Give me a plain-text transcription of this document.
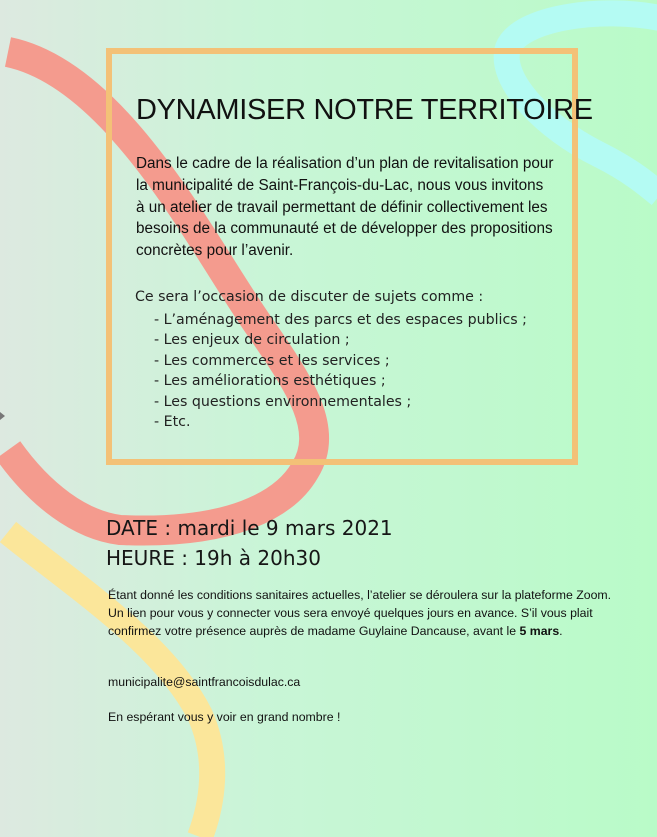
DYNAMISER NOTRE TERRITOIRE

Dans le cadre de la réalisation d’un plan de revitalisation pour la municipalité de Saint-François-du-Lac, nous vous invitons à un atelier de travail permettant de définir collectivement les besoins de la communauté et de développer des propositions concrètes pour l’avenir.

Ce sera l’occasion de discuter de sujets comme :

- L’aménagement des parcs et des espaces publics ;
- Les enjeux de circulation ;
- Les commerces et les services ;
- Les améliorations esthétiques ;
- Les questions environnementales ;
- Etc.
DATE : mardi le 9 mars 2021
HEURE : 19h à 20h30

Étant donné les conditions sanitaires actuelles, l’atelier se déroulera sur la plateforme Zoom. Un lien pour vous y connecter vous sera envoyé quelques jours en avance. S’il vous plait confirmez votre présence auprès de madame Guylaine Dancause, avant le 5 mars.

municipalite@saintfrancoisdulac.ca

En espérant vous y voir en grand nombre !
